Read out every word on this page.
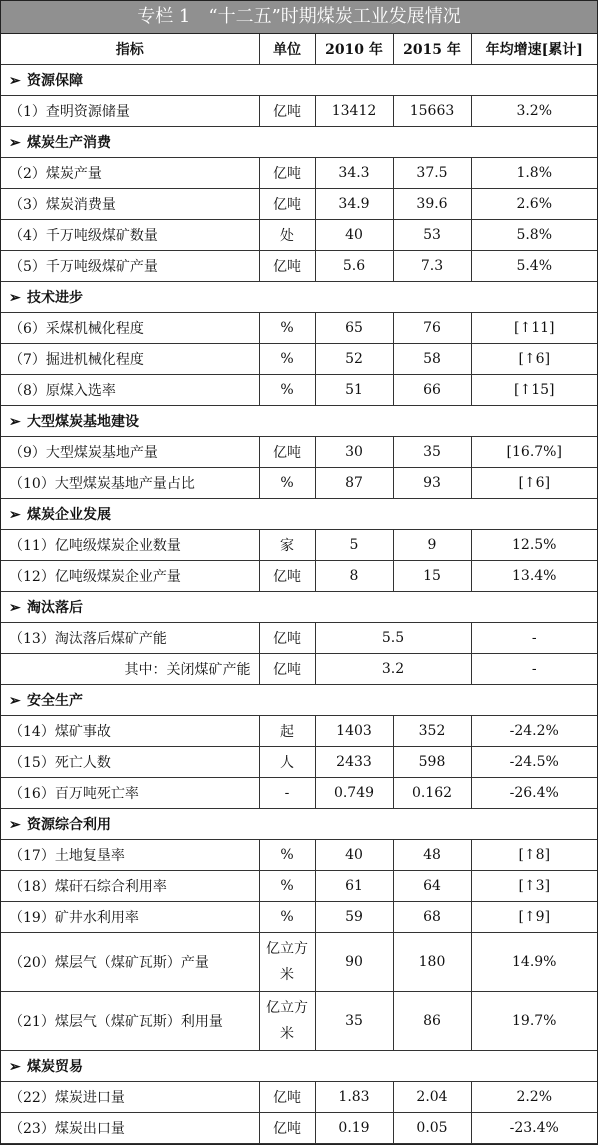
专栏 1　“十二五”时期煤炭工业发展情况
指标	单位	2010 年	2015 年	年均增速[累计]
➢ 资源保障				
（1）查明资源储量	亿吨	13412	15663	3.2%
➢ 煤炭生产消费				
（2）煤炭产量	亿吨	34.3	37.5	1.8%
（3）煤炭消费量	亿吨	34.9	39.6	2.6%
（4）千万吨级煤矿数量	处	40	53	5.8%
（5）千万吨级煤矿产量	亿吨	5.6	7.3	5.4%
➢ 技术进步				
（6）采煤机械化程度	%	65	76	[↑11]
（7）掘进机械化程度	%	52	58	[↑6]
（8）原煤入选率	%	51	66	[↑15]
➢ 大型煤炭基地建设				
（9）大型煤炭基地产量	亿吨	30	35	[16.7%]
（10）大型煤炭基地产量占比	%	87	93	[↑6]
➢ 煤炭企业发展				
（11）亿吨级煤炭企业数量	家	5	9	12.5%
（12）亿吨级煤炭企业产量	亿吨	8	15	13.4%
➢ 淘汰落后				
（13）淘汰落后煤矿产能	亿吨	5.5		-
其中：关闭煤矿产能	亿吨	3.2		-
➢ 安全生产				
（14）煤矿事故	起	1403	352	-24.2%
（15）死亡人数	人	2433	598	-24.5%
（16）百万吨死亡率	-	0.749	0.162	-26.4%
➢ 资源综合利用				
（17）土地复垦率	%	40	48	[↑8]
（18）煤矸石综合利用率	%	61	64	[↑3]
（19）矿井水利用率	%	59	68	[↑9]
（20）煤层气（煤矿瓦斯）产量	亿立方米	90	180	14.9%
（21）煤层气（煤矿瓦斯）利用量	亿立方米	35	86	19.7%
➢ 煤炭贸易				
（22）煤炭进口量	亿吨	1.83	2.04	2.2%
（23）煤炭出口量	亿吨	0.19	0.05	-23.4%
